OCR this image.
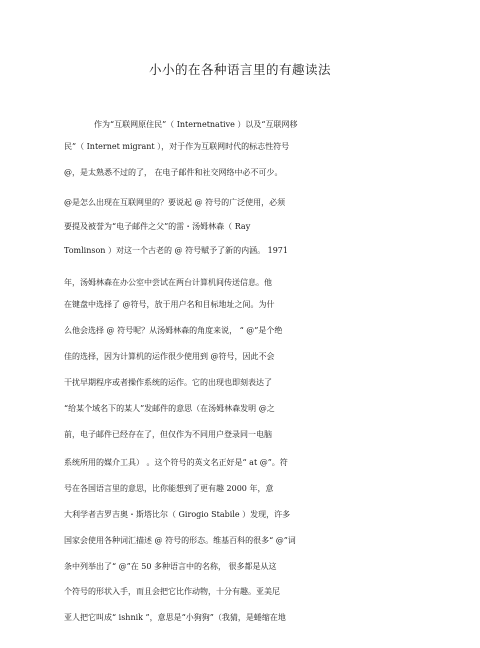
小小的在各种语言里的有趣读法
作为“互联网原住民”（ Internetnative ）以及“互联网移
民”（ Internet migrant ），对于作为互联网时代的标志性符号
@，是太熟悉不过的了， 在电子邮件和社交网络中必不可少。
@是怎么出现在互联网里的？要说起 @ 符号的广泛使用，必须
要提及被誉为“电子邮件之父”的雷・汤姆林森（ Ray
Tomlinson ）对这一个古老的 @ 符号赋予了新的内涵。 1971
年，汤姆林森在办公室中尝试在两台计算机间传送信息。他
在键盘中选择了 @符号，放于用户名和目标地址之间。为什
么他会选择 @ 符号呢？从汤姆林森的角度来说， “ @”是个绝
佳的选择，因为计算机的运作很少使用到 @符号，因此不会
干扰早期程序或者操作系统的运作。它的出现也即刻表达了
“给某个域名下的某人”发邮件的意思（在汤姆林森发明 @之
前，电子邮件已经存在了，但仅作为不同用户登录同一电脑
系统所用的媒介工具） 。这个符号的英文名正好是“ at @”。符
号在各国语言里的意思，比你能想到了更有趣 2000 年，意
大利学者吉罗吉奥・斯塔比尔（ Girogio Stabile ）发现，许多
国家会使用各种词汇描述 @ 符号的形态。维基百科的很多“ @”词
条中列举出了“ @”在 50 多种语言中的名称， 很多都是从这
个符号的形状入手，而且会把它比作动物，十分有趣。亚美尼
亚人把它叫成“ ishnik ”，意思是“小狗狗”（我猜，是蜷缩在地
